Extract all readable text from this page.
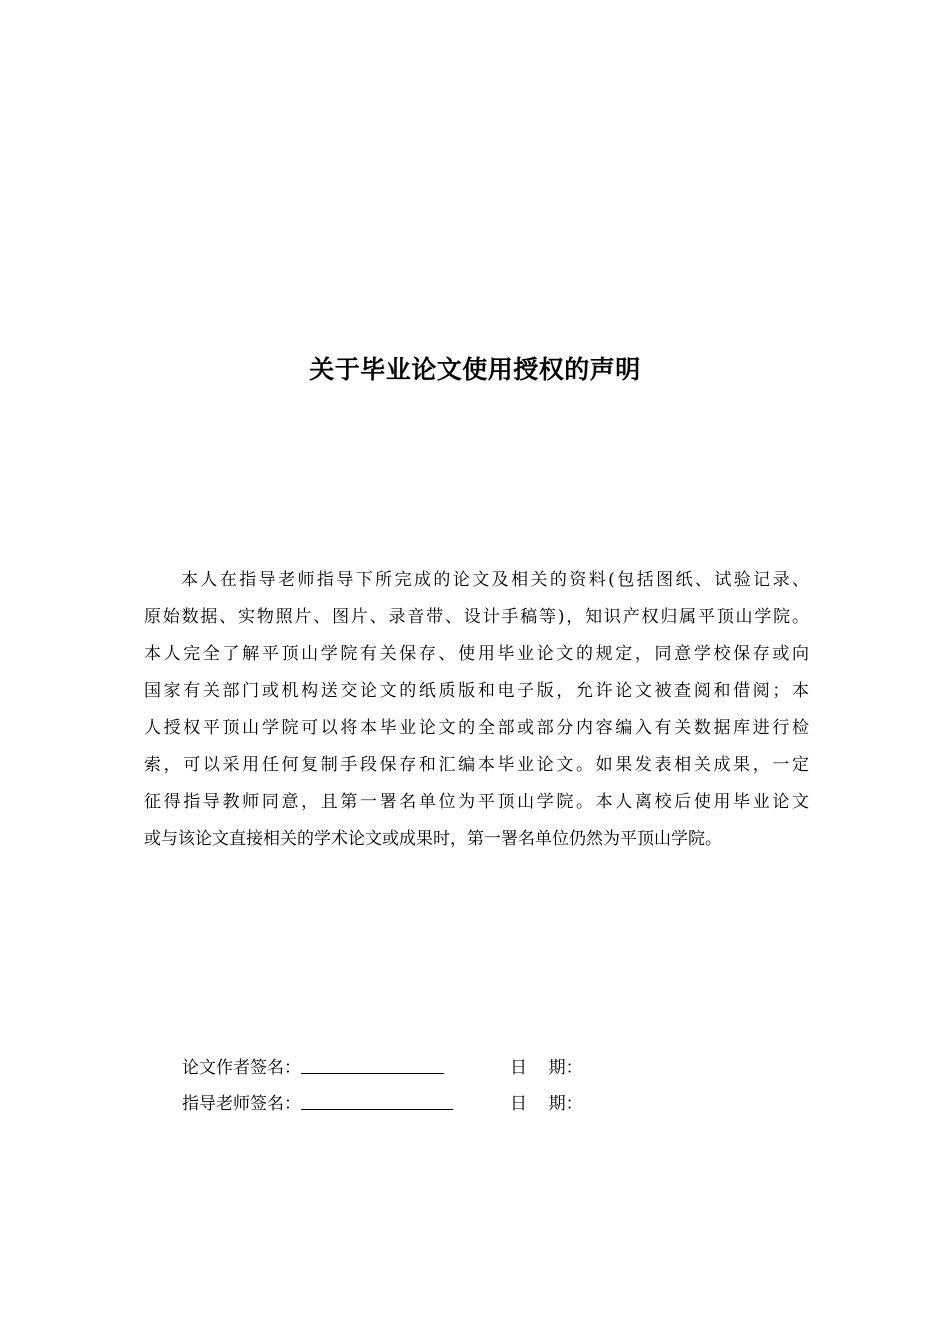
关于毕业论文使用授权的声明
本人在指导老师指导下所完成的论文及相关的资料(包括图纸、试验记录、
原始数据、实物照片、图片、录音带、设计手稿等)，知识产权归属平顶山学院。
本人完全了解平顶山学院有关保存、使用毕业论文的规定，同意学校保存或向
国家有关部门或机构送交论文的纸质版和电子版，允许论文被查阅和借阅；本
人授权平顶山学院可以将本毕业论文的全部或部分内容编入有关数据库进行检
索，可以采用任何复制手段保存和汇编本毕业论文。如果发表相关成果，一定
征得指导教师同意，且第一署名单位为平顶山学院。本人离校后使用毕业论文
或与该论文直接相关的学术论文或成果时，第一署名单位仍然为平顶山学院。
论文作者签名：	日    期：
指导老师签名：	日    期：
